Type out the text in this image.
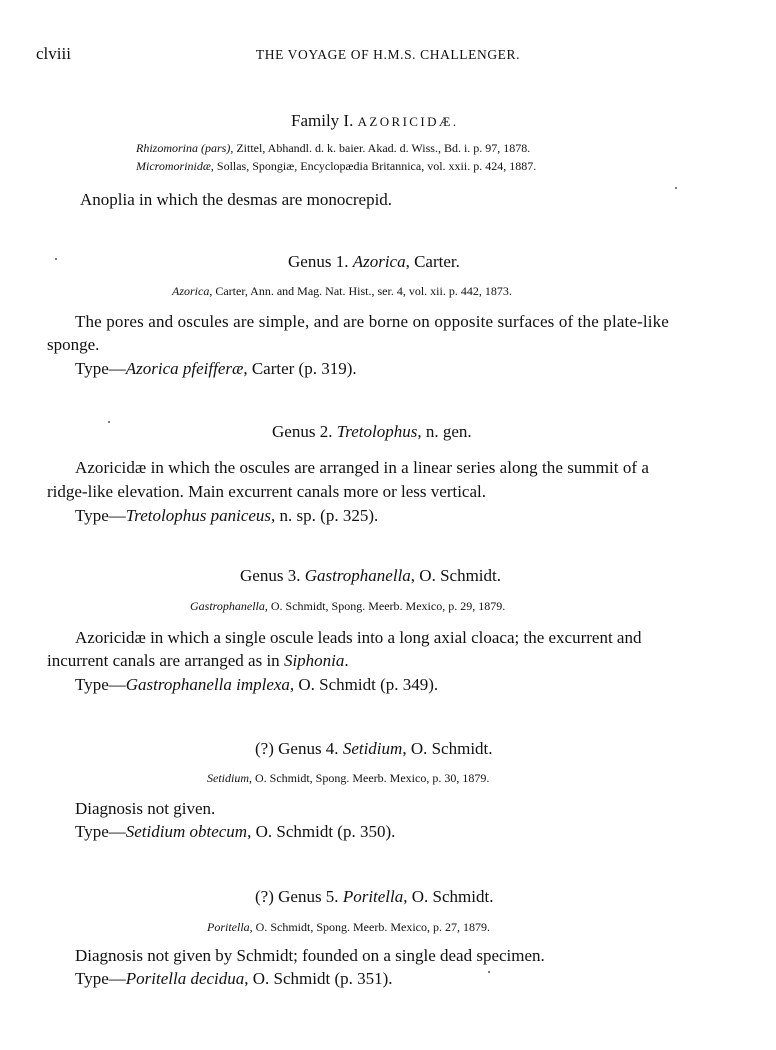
clviii	THE VOYAGE OF H.M.S. CHALLENGER.
Family I. AZORICIDÆ.
Rhizomorina (pars), Zittel, Abhandl. d. k. baier. Akad. d. Wiss., Bd. i. p. 97, 1878.
Micromorinidæ, Sollas, Spongiæ, Encyclopædia Britannica, vol. xxii. p. 424, 1887.
Anoplia in which the desmas are monocrepid.
Genus 1. Azorica, Carter.
Azorica, Carter, Ann. and Mag. Nat. Hist., ser. 4, vol. xii. p. 442, 1873.
The pores and oscules are simple, and are borne on opposite surfaces of the plate-like
sponge.
Type—Azorica pfeifferæ, Carter (p. 319).
Genus 2. Tretolophus, n. gen.
Azoricidæ in which the oscules are arranged in a linear series along the summit of a
ridge-like elevation. Main excurrent canals more or less vertical.
Type—Tretolophus paniceus, n. sp. (p. 325).
Genus 3. Gastrophanella, O. Schmidt.
Gastrophanella, O. Schmidt, Spong. Meerb. Mexico, p. 29, 1879.
Azoricidæ in which a single oscule leads into a long axial cloaca; the excurrent and
incurrent canals are arranged as in Siphonia.
Type—Gastrophanella implexa, O. Schmidt (p. 349).
(?) Genus 4. Setidium, O. Schmidt.
Setidium, O. Schmidt, Spong. Meerb. Mexico, p. 30, 1879.
Diagnosis not given.
Type—Setidium obtecum, O. Schmidt (p. 350).
(?) Genus 5. Poritella, O. Schmidt.
Poritella, O. Schmidt, Spong. Meerb. Mexico, p. 27, 1879.
Diagnosis not given by Schmidt; founded on a single dead specimen.
Type—Poritella decidua, O. Schmidt (p. 351).
